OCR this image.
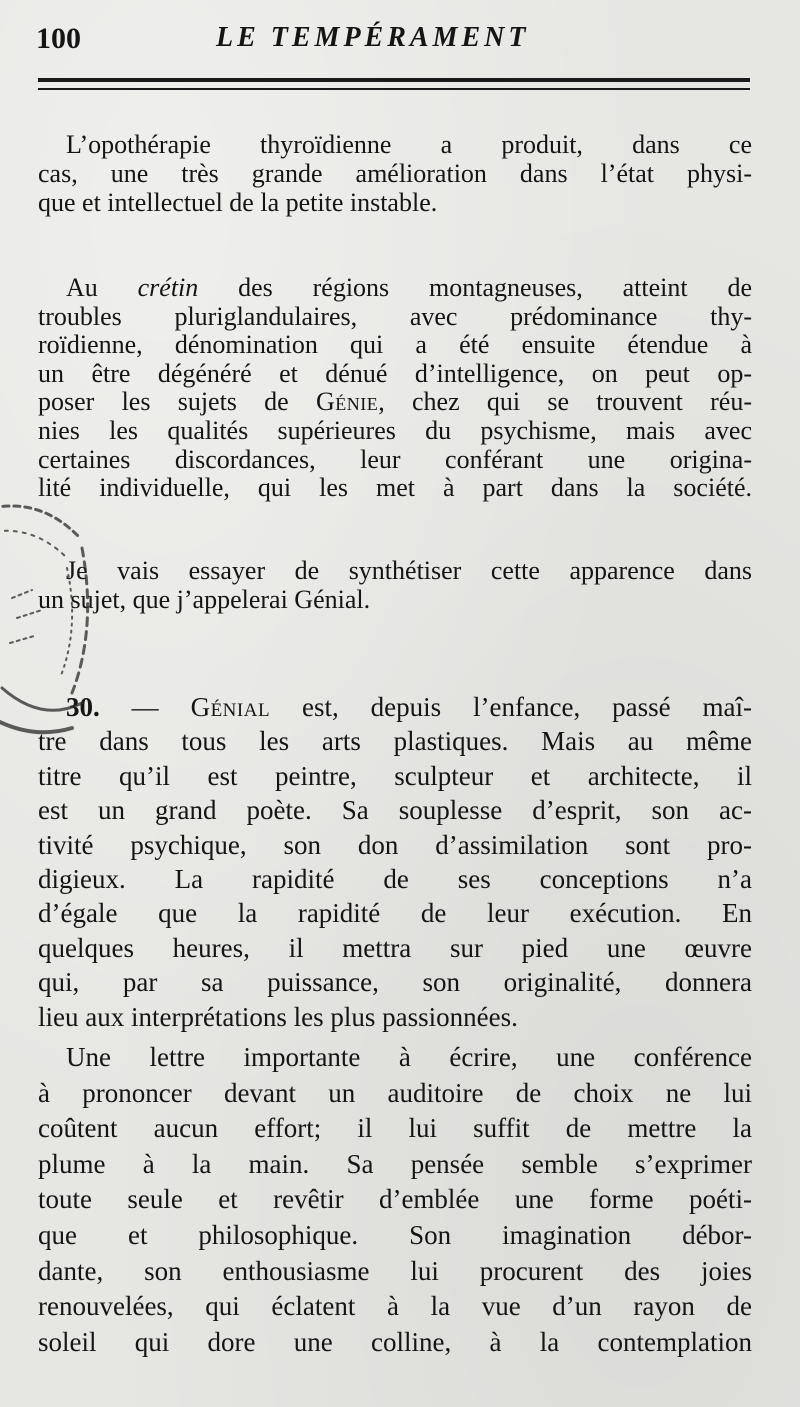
100	LE TEMPÉRAMENT
L’opothérapie thyroïdienne a produit, dans ce
cas, une très grande amélioration dans l’état physi-
que et intellectuel de la petite instable.
Au crétin des régions montagneuses, atteint de
troubles pluriglandulaires, avec prédominance thy-
roïdienne, dénomination qui a été ensuite étendue à
un être dégénéré et dénué d’intelligence, on peut op-
poser les sujets de Génie, chez qui se trouvent réu-
nies les qualités supérieures du psychisme, mais avec
certaines discordances, leur conférant une origina-
lité individuelle, qui les met à part dans la société.
Je vais essayer de synthétiser cette apparence dans
un sujet, que j’appelerai Génial.
30. — Génial est, depuis l’enfance, passé maî-
tre dans tous les arts plastiques. Mais au même
titre qu’il est peintre, sculpteur et architecte, il
est un grand poète. Sa souplesse d’esprit, son ac-
tivité psychique, son don d’assimilation sont pro-
digieux. La rapidité de ses conceptions n’a
d’égale que la rapidité de leur exécution. En
quelques heures, il mettra sur pied une œuvre
qui, par sa puissance, son originalité, donnera
lieu aux interprétations les plus passionnées.
Une lettre importante à écrire, une conférence
à prononcer devant un auditoire de choix ne lui
coûtent aucun effort; il lui suffit de mettre la
plume à la main. Sa pensée semble s’exprimer
toute seule et revêtir d’emblée une forme poéti-
que et philosophique. Son imagination débor-
dante, son enthousiasme lui procurent des joies
renouvelées, qui éclatent à la vue d’un rayon de
soleil qui dore une colline, à la contemplation
